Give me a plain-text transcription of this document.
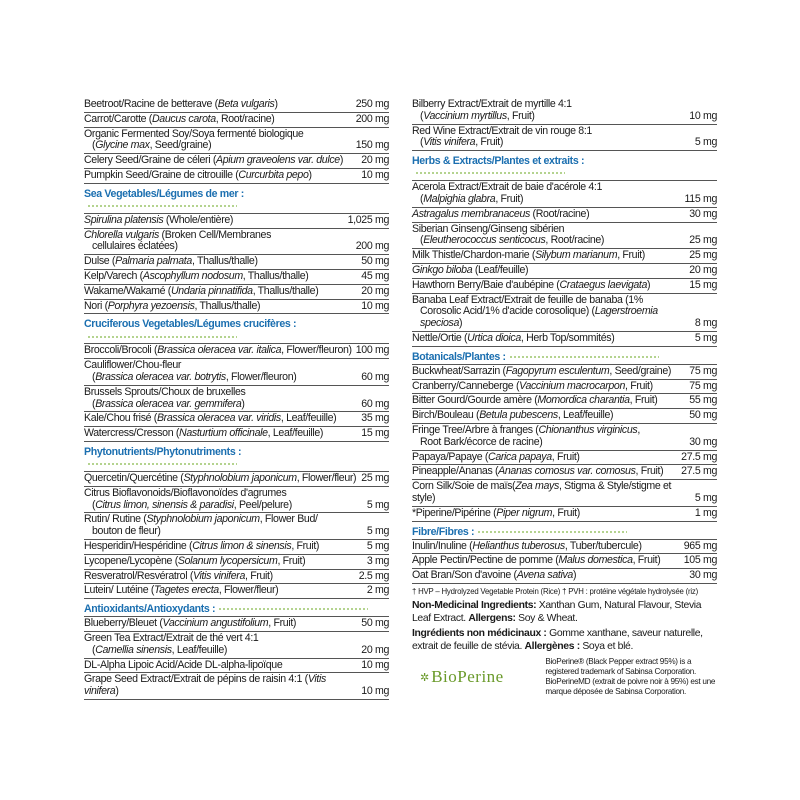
Beetroot/Racine de betterave (Beta vulgaris)	250 mg
Carrot/Carotte (Daucus carota, Root/racine)	200 mg
Organic Fermented Soy/Soya fermenté biologique
(Glycine max, Seed/graine)	150 mg
Celery Seed/Graine de céleri (Apium graveolens var. dulce)	20 mg
Pumpkin Seed/Graine de citrouille (Curcurbita pepo)	10 mg
Sea Vegetables/Légumes de mer :
Spirulina platensis (Whole/entière)	1,025 mg
Chlorella vulgaris (Broken Cell/Membranes
cellulaires éclatées)	200 mg
Dulse (Palmaria palmata, Thallus/thalle)	50 mg
Kelp/Varech (Ascophyllum nodosum, Thallus/thalle)	45 mg
Wakame/Wakamé (Undaria pinnatifida, Thallus/thalle)	20 mg
Nori (Porphyra yezoensis, Thallus/thalle)	10 mg
Cruciferous Vegetables/Légumes crucifères :
Broccoli/Brocoli (Brassica oleracea var. italica, Flower/fleuron) 100 mg
Cauliflower/Chou-fleur
(Brassica oleracea var. botrytis, Flower/fleuron)	60 mg
Brussels Sprouts/Choux de bruxelles
(Brassica oleracea var. gemmifera)	60 mg
Kale/Chou frisé (Brassica oleracea var. viridis, Leaf/feuille)	35 mg
Watercress/Cresson (Nasturtium officinale, Leaf/feuille)	15 mg
Phytonutrients/Phytonutriments :
Quercetin/Quercétine (Styphnolobium japonicum, Flower/fleur) 25 mg
Citrus Bioflavonoids/Bioflavonoïdes d'agrumes
(Citrus limon, sinensis & paradisi, Peel/pelure)	5 mg
Rutin/ Rutine (Styphnolobium japonicum, Flower Bud/
bouton de fleur)	5 mg
Hesperidin/Hespéridine (Citrus limon & sinensis, Fruit)	5 mg
Lycopene/Lycopène (Solanum lycopersicum, Fruit)	3 mg
Resveratrol/Resvératrol (Vitis vinifera, Fruit)	2.5 mg
Lutein/ Lutéine (Tagetes erecta, Flower/fleur)	2 mg
Antioxidants/Antioxydants :
Blueberry/Bleuet (Vaccinium angustifolium, Fruit)	50 mg
Green Tea Extract/Extrait de thé vert 4:1
(Camellia sinensis, Leaf/feuille)	20 mg
DL-Alpha Lipoic Acid/Acide DL-alpha-lipoïque	10 mg
Grape Seed Extract/Extrait de pépins de raisin 4:1 (Vitis vinifera)	10 mg
Bilberry Extract/Extrait de myrtille 4:1
(Vaccinium myrtillus, Fruit)	10 mg
Red Wine Extract/Extrait de vin rouge 8:1
(Vitis vinifera, Fruit)	5 mg
Herbs & Extracts/Plantes et extraits :
Acerola Extract/Extrait de baie d'acérole 4:1
(Malpighia glabra, Fruit)	115 mg
Astragalus membranaceus (Root/racine)	30 mg
Siberian Ginseng/Ginseng sibérien
(Eleutherococcus senticocus, Root/racine)	25 mg
Milk Thistle/Chardon-marie (Silybum marianum, Fruit)	25 mg
Ginkgo biloba (Leaf/feuille)	20 mg
Hawthorn Berry/Baie d'aubépine (Crataegus laevigata)	15 mg
Banaba Leaf Extract/Extrait de feuille de banaba (1%
Corosolic Acid/1% d'acide corosolique) (Lagerstroemia speciosa)	8 mg
Nettle/Ortie (Urtica dioica, Herb Top/sommités)	5 mg
Botanicals/Plantes :
Buckwheat/Sarrazin (Fagopyrum esculentum, Seed/graine)	75 mg
Cranberry/Canneberge (Vaccinium macrocarpon, Fruit)	75 mg
Bitter Gourd/Gourde amère (Momordica charantia, Fruit)	55 mg
Birch/Bouleau (Betula pubescens, Leaf/feuille)	50 mg
Fringe Tree/Arbre à franges (Chionanthus virginicus,
Root Bark/écorce de racine)	30 mg
Papaya/Papaye (Carica papaya, Fruit)	27.5 mg
Pineapple/Ananas (Ananas comosus var. comosus, Fruit)	27.5 mg
Corn Silk/Soie de maïs(Zea mays, Stigma & Style/stigme et style)	5 mg
*Piperine/Pipérine (Piper nigrum, Fruit)	1 mg
Fibre/Fibres :
Inulin/Inuline (Helianthus tuberosus, Tuber/tubercule)	965 mg
Apple Pectin/Pectine de pomme (Malus domestica, Fruit)	105 mg
Oat Bran/Son d'avoine (Avena sativa)	30 mg
† HVP – Hydrolyzed Vegetable Protein (Rice) † PVH : protéine végétale hydrolysée (riz)
Non-Medicinal Ingredients: Xanthan Gum, Natural Flavour, Stevia Leaf Extract. Allergens: Soy & Wheat.
Ingrédients non médicinaux : Gomme xanthane, saveur naturelle, extrait de feuille de stévia. Allergènes : Soya et blé.
✲ BioPerine
BioPerine® (Black Pepper extract 95%) is a registered trademark of Sabinsa Corporation.
BioPerineMD (extrait de poivre noir à 95%) est une marque déposée de Sabinsa Corporation.
